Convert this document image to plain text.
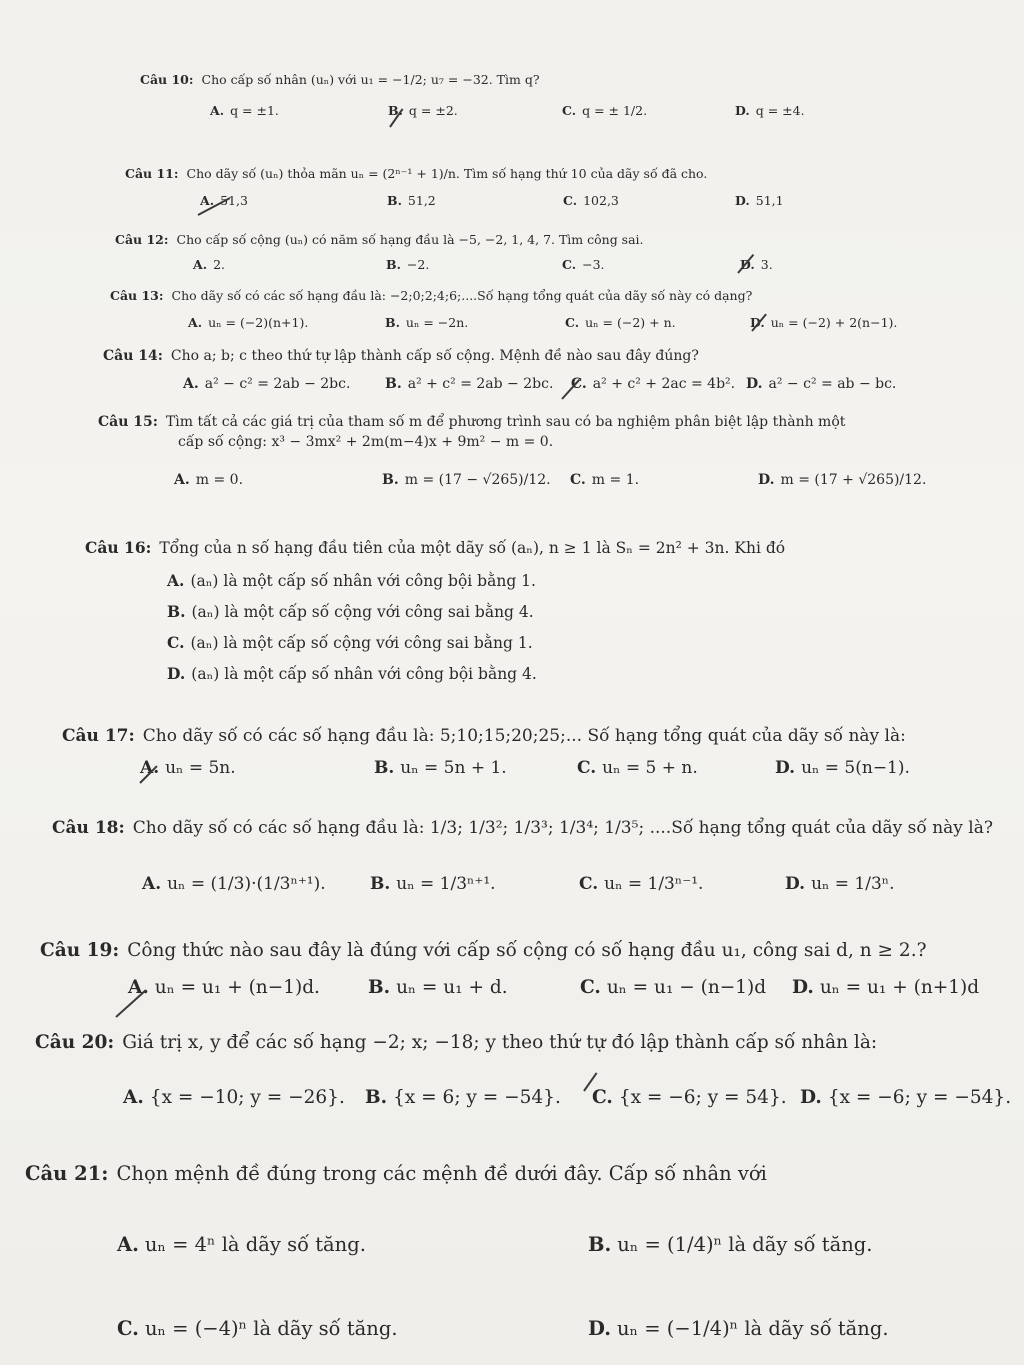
Câu 10: Cho cấp số nhân (uₙ) với u₁ = −1/2; u₇ = −32. Tìm q?
A. q = ±1.	B. q = ±2.	C. q = ± 1/2.	D. q = ±4.
Câu 11: Cho dãy số (uₙ) thỏa mãn uₙ = (2ⁿ⁻¹ + 1)/n. Tìm số hạng thứ 10 của dãy số đã cho.
A. 51,3	B. 51,2	C. 102,3	D. 51,1
Câu 12: Cho cấp số cộng (uₙ) có năm số hạng đầu là −5, −2, 1, 4, 7. Tìm công sai.
A. 2.	B. −2.	C. −3.	D. 3.
Câu 13: Cho dãy số có các số hạng đầu là: −2;0;2;4;6;....Số hạng tổng quát của dãy số này có dạng?
A. uₙ = (−2)(n+1).	B. uₙ = −2n.	C. uₙ = (−2) + n.	D. uₙ = (−2) + 2(n−1).
Câu 14: Cho a; b; c theo thứ tự lập thành cấp số cộng. Mệnh đề nào sau đây đúng?
A. a² − c² = 2ab − 2bc. B. a² + c² = 2ab − 2bc. C. a² + c² + 2ac = 4b². D. a² − c² = ab − bc.
Câu 15: Tìm tất cả các giá trị của tham số m để phương trình sau có ba nghiệm phân biệt lập thành một
cấp số cộng: x³ − 3mx² + 2m(m−4)x + 9m² − m = 0.
A. m = 0.	B. m = (17 − √265)/12. C. m = 1.	D. m = (17 + √265)/12.
Câu 16: Tổng của n số hạng đầu tiên của một dãy số (aₙ), n ≥ 1 là Sₙ = 2n² + 3n. Khi đó
A. (aₙ) là một cấp số nhân với công bội bằng 1.
B. (aₙ) là một cấp số cộng với công sai bằng 4.
C. (aₙ) là một cấp số cộng với công sai bằng 1.
D. (aₙ) là một cấp số nhân với công bội bằng 4.
Câu 17: Cho dãy số có các số hạng đầu là: 5;10;15;20;25;... Số hạng tổng quát của dãy số này là:
A. uₙ = 5n.	B. uₙ = 5n + 1.	C. uₙ = 5 + n.	D. uₙ = 5(n−1).
Câu 18: Cho dãy số có các số hạng đầu là: 1/3; 1/3²; 1/3³; 1/3⁴; 1/3⁵; ....Số hạng tổng quát của dãy số này là?
A. uₙ = (1/3)·(1/3ⁿ⁺¹).	B. uₙ = 1/3ⁿ⁺¹.	C. uₙ = 1/3ⁿ⁻¹.	D. uₙ = 1/3ⁿ.
Câu 19: Công thức nào sau đây là đúng với cấp số cộng có số hạng đầu u₁, công sai d, n ≥ 2.?
A. uₙ = u₁ + (n−1)d.	B. uₙ = u₁ + d.	C. uₙ = u₁ − (n−1)d D. uₙ = u₁ + (n+1)d
Câu 20: Giá trị x, y để các số hạng −2; x; −18; y theo thứ tự đó lập thành cấp số nhân là:
A. {x = −10; y = −26}. B. {x = 6; y = −54}. C. {x = −6; y = 54}. D. {x = −6; y = −54}.
Câu 21: Chọn mệnh đề đúng trong các mệnh đề dưới đây. Cấp số nhân với
A. uₙ = 4ⁿ là dãy số tăng.	B. uₙ = (1/4)ⁿ là dãy số tăng.
C. uₙ = (−4)ⁿ là dãy số tăng.	D. uₙ = (−1/4)ⁿ là dãy số tăng.
